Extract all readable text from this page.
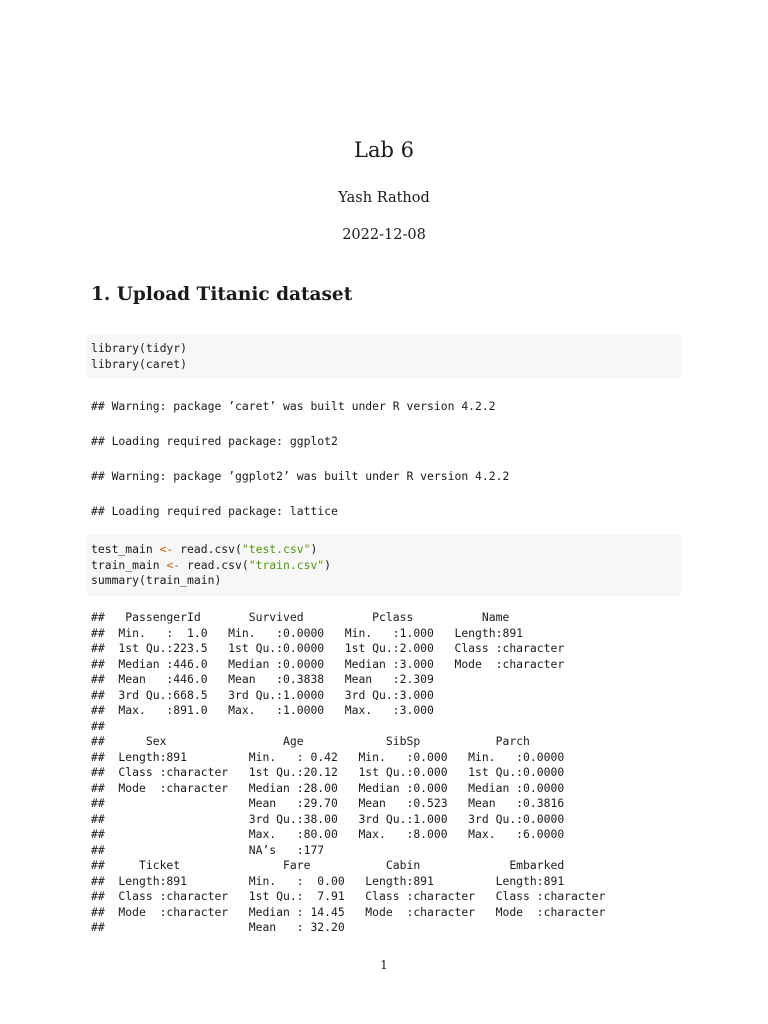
Lab 6
Yash Rathod
2022-12-08
1. Upload Titanic dataset
library(tidyr)
library(caret)
## Warning: package ’caret’ was built under R version 4.2.2
## Loading required package: ggplot2
## Warning: package ’ggplot2’ was built under R version 4.2.2
## Loading required package: lattice
test_main <- read.csv("test.csv")
train_main <- read.csv("train.csv")
summary(train_main)
##   PassengerId       Survived          Pclass          Name
##  Min.   :  1.0   Min.   :0.0000   Min.   :1.000   Length:891
##  1st Qu.:223.5   1st Qu.:0.0000   1st Qu.:2.000   Class :character
##  Median :446.0   Median :0.0000   Median :3.000   Mode  :character
##  Mean   :446.0   Mean   :0.3838   Mean   :2.309
##  3rd Qu.:668.5   3rd Qu.:1.0000   3rd Qu.:3.000
##  Max.   :891.0   Max.   :1.0000   Max.   :3.000
##
##      Sex                 Age            SibSp           Parch
##  Length:891         Min.   : 0.42   Min.   :0.000   Min.   :0.0000
##  Class :character   1st Qu.:20.12   1st Qu.:0.000   1st Qu.:0.0000
##  Mode  :character   Median :28.00   Median :0.000   Median :0.0000
##                     Mean   :29.70   Mean   :0.523   Mean   :0.3816
##                     3rd Qu.:38.00   3rd Qu.:1.000   3rd Qu.:0.0000
##                     Max.   :80.00   Max.   :8.000   Max.   :6.0000
##                     NA’s   :177
##     Ticket               Fare           Cabin             Embarked
##  Length:891         Min.   :  0.00   Length:891         Length:891
##  Class :character   1st Qu.:  7.91   Class :character   Class :character
##  Mode  :character   Median : 14.45   Mode  :character   Mode  :character
##                     Mean   : 32.20
1
